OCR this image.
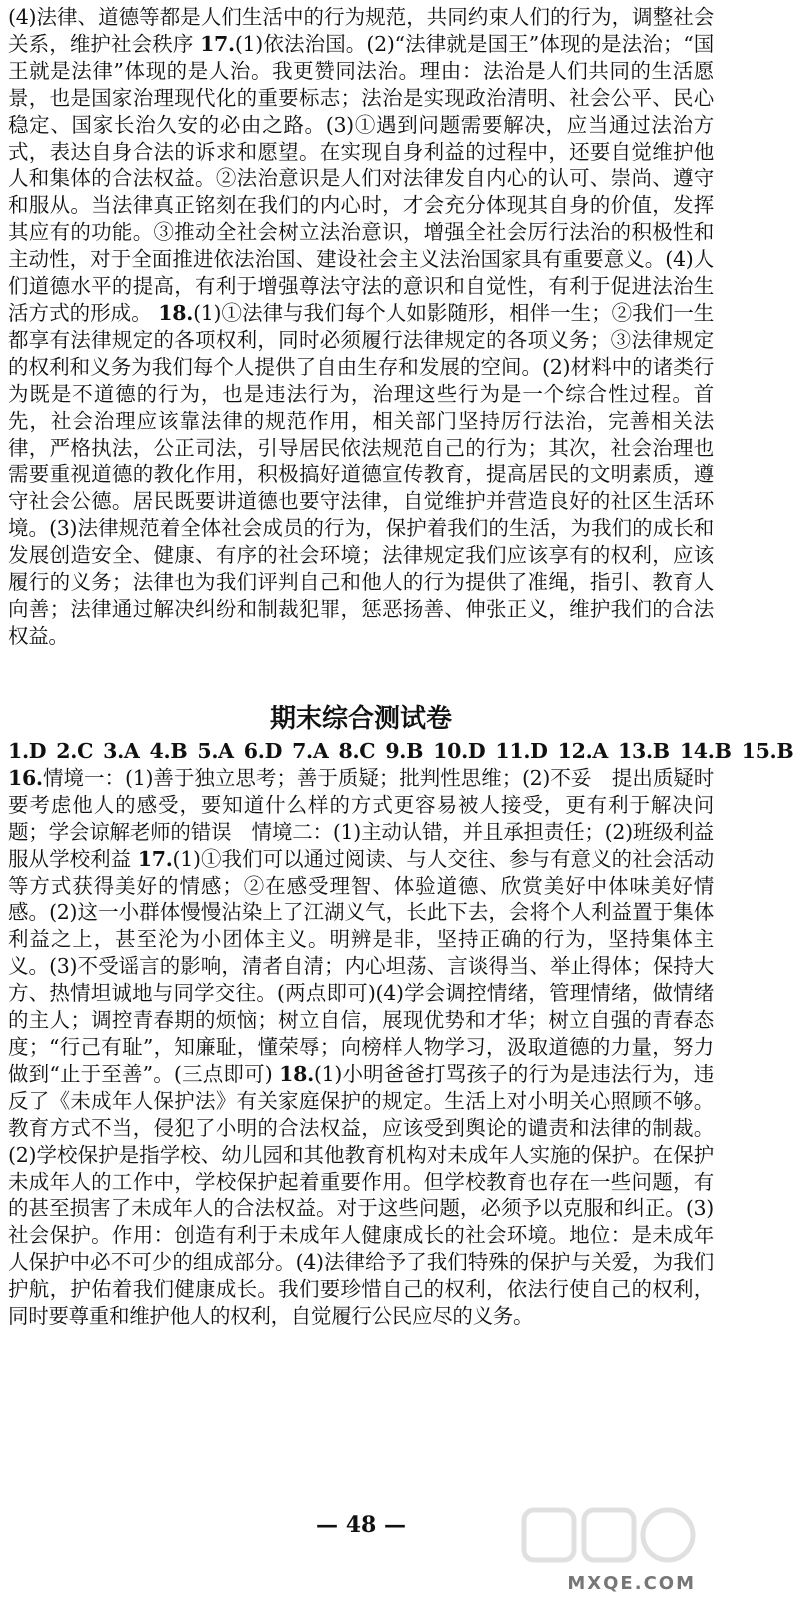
(4)法律、道德等都是人们生活中的行为规范，共同约束人们的行为，调整社会关系，维护社会秩序 17.(1)依法治国。(2)“法律就是国王”体现的是法治；“国王就是法律”体现的是人治。我更赞同法治。理由：法治是人们共同的生活愿景，也是国家治理现代化的重要标志；法治是实现政治清明、社会公平、民心稳定、国家长治久安的必由之路。(3)①遇到问题需要解决，应当通过法治方式，表达自身合法的诉求和愿望。在实现自身利益的过程中，还要自觉维护他人和集体的合法权益。②法治意识是人们对法律发自内心的认可、崇尚、遵守和服从。当法律真正铭刻在我们的内心时，才会充分体现其自身的价值，发挥其应有的功能。③推动全社会树立法治意识，增强全社会厉行法治的积极性和主动性，对于全面推进依法治国、建设社会主义法治国家具有重要意义。(4)人们道德水平的提高，有利于增强尊法守法的意识和自觉性，有利于促进法治生活方式的形成。 18.(1)①法律与我们每个人如影随形，相伴一生；②我们一生都享有法律规定的各项权利，同时必须履行法律规定的各项义务；③法律规定的权利和义务为我们每个人提供了自由生存和发展的空间。(2)材料中的诸类行为既是不道德的行为，也是违法行为，治理这些行为是一个综合性过程。首先，社会治理应该靠法律的规范作用，相关部门坚持厉行法治，完善相关法律，严格执法，公正司法，引导居民依法规范自己的行为；其次，社会治理也需要重视道德的教化作用，积极搞好道德宣传教育，提高居民的文明素质，遵守社会公德。居民既要讲道德也要守法律，自觉维护并营造良好的社区生活环境。(3)法律规范着全体社会成员的行为，保护着我们的生活，为我们的成长和发展创造安全、健康、有序的社会环境；法律规定我们应该享有的权利，应该履行的义务；法律也为我们评判自己和他人的行为提供了准绳，指引、教育人向善；法律通过解决纠纷和制裁犯罪，惩恶扬善、伸张正义，维护我们的合法权益。

期末综合测试卷

1.D 2.C 3.A 4.B 5.A 6.D 7.A 8.C 9.B 10.D 11.D 12.A 13.B 14.B 15.B 16.情境一：(1)善于独立思考；善于质疑；批判性思维；(2)不妥　提出质疑时要考虑他人的感受，要知道什么样的方式更容易被人接受，更有利于解决问题；学会谅解老师的错误　情境二：(1)主动认错，并且承担责任；(2)班级利益服从学校利益 17.(1)①我们可以通过阅读、与人交往、参与有意义的社会活动等方式获得美好的情感；②在感受理智、体验道德、欣赏美好中体味美好情感。(2)这一小群体慢慢沾染上了江湖义气，长此下去，会将个人利益置于集体利益之上，甚至沦为小团体主义。明辨是非，坚持正确的行为，坚持集体主义。(3)不受谣言的影响，清者自清；内心坦荡、言谈得当、举止得体；保持大方、热情坦诚地与同学交往。(两点即可)(4)学会调控情绪，管理情绪，做情绪的主人；调控青春期的烦恼；树立自信，展现优势和才华；树立自强的青春态度；“行己有耻”，知廉耻，懂荣辱；向榜样人物学习，汲取道德的力量，努力做到“止于至善”。(三点即可) 18.(1)小明爸爸打骂孩子的行为是违法行为，违反了《未成年人保护法》有关家庭保护的规定。生活上对小明关心照顾不够。教育方式不当，侵犯了小明的合法权益，应该受到舆论的谴责和法律的制裁。(2)学校保护是指学校、幼儿园和其他教育机构对未成年人实施的保护。在保护未成年人的工作中，学校保护起着重要作用。但学校教育也存在一些问题，有的甚至损害了未成年人的合法权益。对于这些问题，必须予以克服和纠正。(3)社会保护。作用：创造有利于未成年人健康成长的社会环境。地位：是未成年人保护中必不可少的组成部分。(4)法律给予了我们特殊的保护与关爱，为我们护航，护佑着我们健康成长。我们要珍惜自己的权利，依法行使自己的权利，同时要尊重和维护他人的权利，自觉履行公民应尽的义务。

— 48 —

MXQE.COM
